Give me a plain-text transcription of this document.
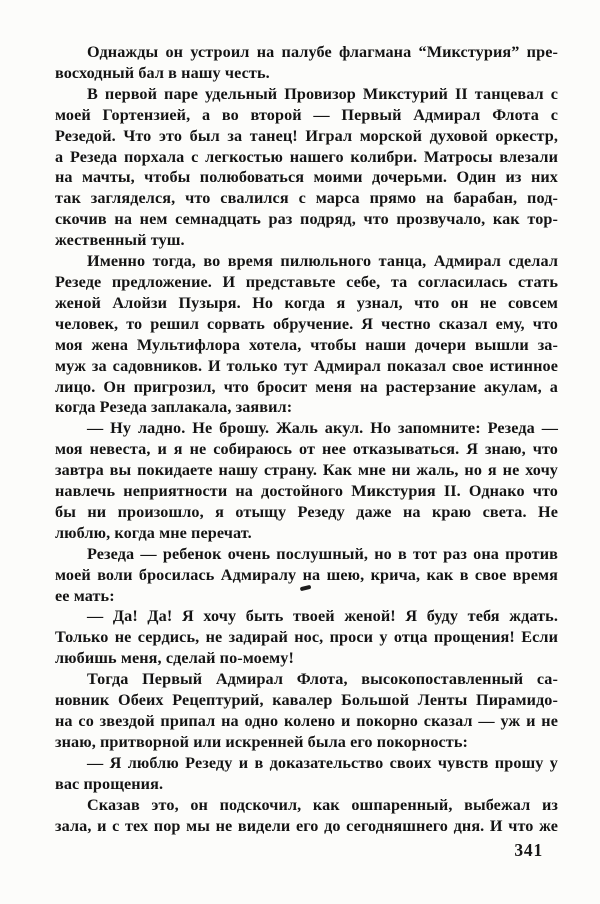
Однажды он устроил на палубе флагмана “Микстурия” пре-
восходный бал в нашу честь.
В первой паре удельный Провизор Микстурий II танцевал с
моей Гортензией, а во второй — Первый Адмирал Флота с
Резедой. Что это был за танец! Играл морской духовой оркестр,
а Резеда порхала с легкостью нашего колибри. Матросы влезали
на мачты, чтобы полюбоваться моими дочерьми. Один из них
так загляделся, что свалился с марса прямо на барабан, под-
скочив на нем семнадцать раз подряд, что прозвучало, как тор-
жественный туш.
Именно тогда, во время пилюльного танца, Адмирал сделал
Резеде предложение. И представьте себе, та согласилась стать
женой Алойзи Пузыря. Но когда я узнал, что он не совсем
человек, то решил сорвать обручение. Я честно сказал ему, что
моя жена Мультифлора хотела, чтобы наши дочери вышли за-
муж за садовников. И только тут Адмирал показал свое истинное
лицо. Он пригрозил, что бросит меня на растерзание акулам, а
когда Резеда заплакала, заявил:
— Ну ладно. Не брошу. Жаль акул. Но запомните: Резеда —
моя невеста, и я не собираюсь от нее отказываться. Я знаю, что
завтра вы покидаете нашу страну. Как мне ни жаль, но я не хочу
навлечь неприятности на достойного Микстурия II. Однако что
бы ни произошло, я отыщу Резеду даже на краю света. Не
люблю, когда мне перечат.
Резеда — ребенок очень послушный, но в тот раз она против
моей воли бросилась Адмиралу на шею, крича, как в свое время
ее мать:
— Да! Да! Я хочу быть твоей женой! Я буду тебя ждать.
Только не сердись, не задирай нос, проси у отца прощения! Если
любишь меня, сделай по-моему!
Тогда Первый Адмирал Флота, высокопоставленный са-
новник Обеих Рецептурий, кавалер Большой Ленты Пирамидо-
на со звездой припал на одно колено и покорно сказал — уж и не
знаю, притворной или искренней была его покорность:
— Я люблю Резеду и в доказательство своих чувств прошу у
вас прощения.
Сказав это, он подскочил, как ошпаренный, выбежал из
зала, и с тех пор мы не видели его до сегодняшнего дня. И что же
341
